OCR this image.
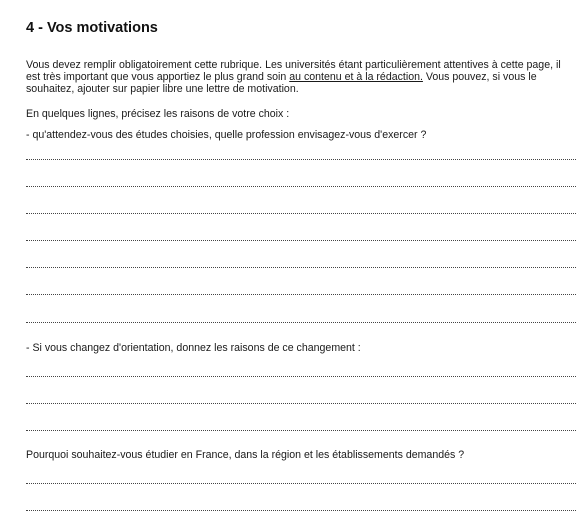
4 - Vos motivations
Vous devez remplir obligatoirement cette rubrique. Les universités étant particulièrement attentives à cette page, il est très important que vous apportiez le plus grand soin au contenu et à la rédaction. Vous pouvez, si vous le souhaitez, ajouter sur papier libre une lettre de motivation.
En quelques lignes, précisez les raisons de votre choix :
- qu'attendez-vous des études choisies, quelle profession envisagez-vous d'exercer ?
- Si vous changez d'orientation, donnez les raisons de ce changement :
Pourquoi souhaitez-vous étudier en France, dans la région et les établissements demandés ?
